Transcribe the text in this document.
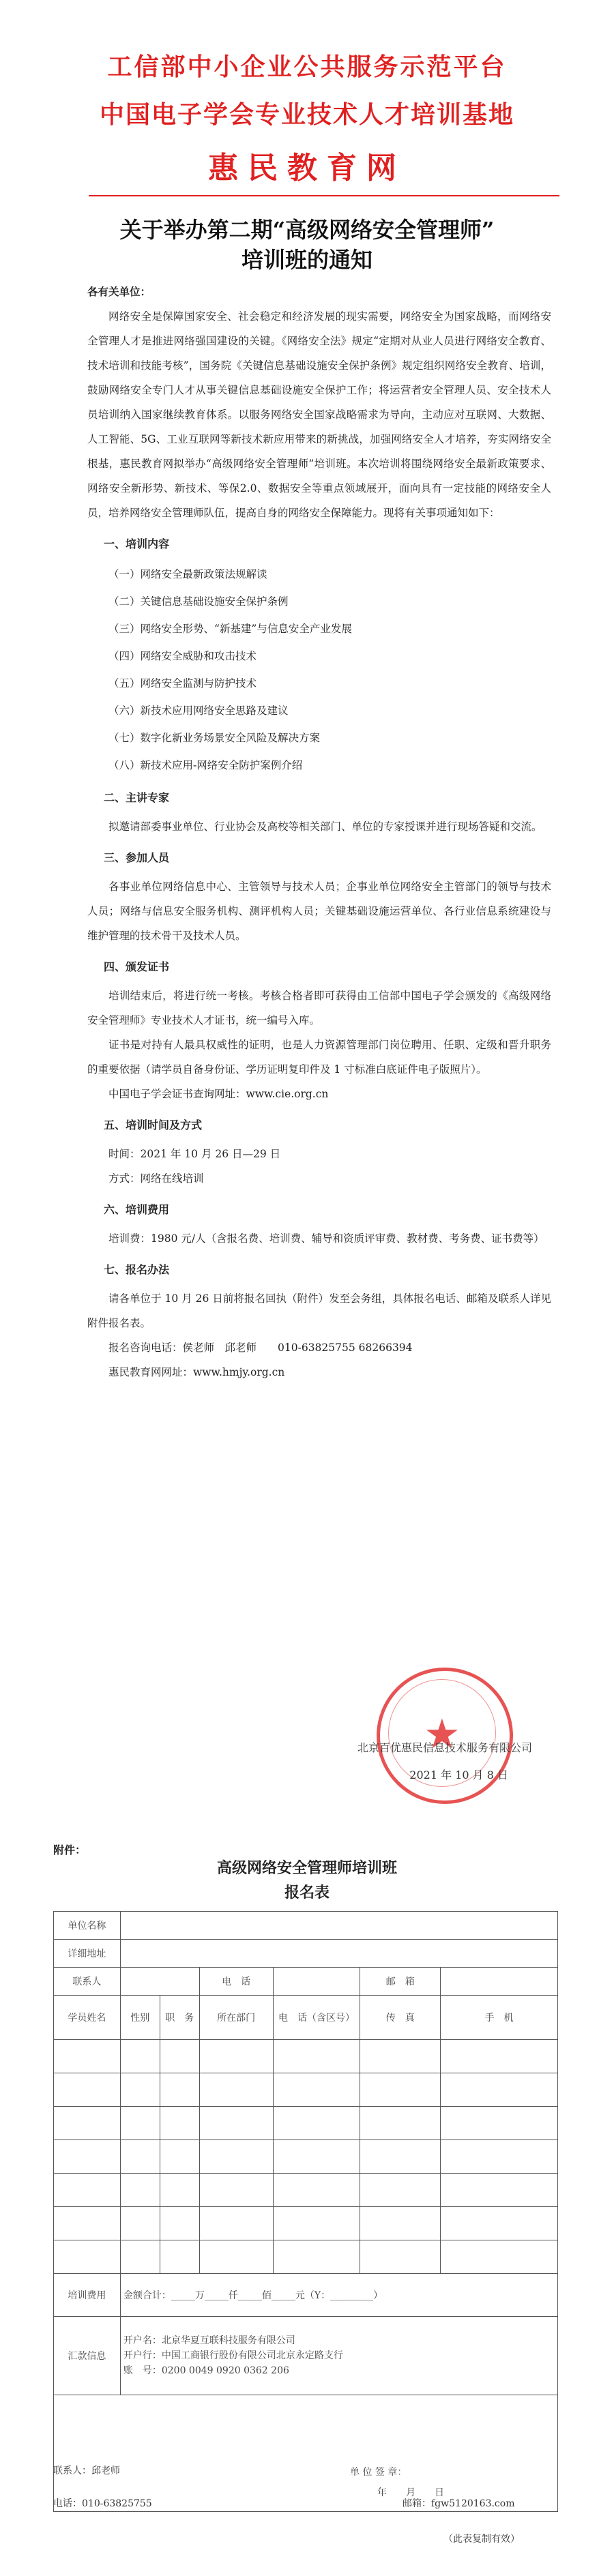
工信部中小企业公共服务示范平台
中国电子学会专业技术人才培训基地
惠民教育网
关于举办第二期“高级网络安全管理师”
培训班的通知

各有关单位：

网络安全是保障国家安全、社会稳定和经济发展的现实需要，网络安全为国家战略，而网络安全管理人才是推进网络强国建设的关键。《网络安全法》规定“定期对从业人员进行网络安全教育、技术培训和技能考核”，国务院《关键信息基础设施安全保护条例》规定组织网络安全教育、培训，鼓励网络安全专门人才从事关键信息基础设施安全保护工作；将运营者安全管理人员、安全技术人员培训纳入国家继续教育体系。以服务网络安全国家战略需求为导向，主动应对互联网、大数据、人工智能、5G、工业互联网等新技术新应用带来的新挑战，加强网络安全人才培养，夯实网络安全根基，惠民教育网拟举办“高级网络安全管理师”培训班。本次培训将围绕网络安全最新政策要求、网络安全新形势、新技术、等保2.0、数据安全等重点领域展开，面向具有一定技能的网络安全人员，培养网络安全管理师队伍，提高自身的网络安全保障能力。现将有关事项通知如下：

一、培训内容
（一）网络安全最新政策法规解读
（二）关键信息基础设施安全保护条例
（三）网络安全形势、“新基建”与信息安全产业发展
（四）网络安全威胁和攻击技术
（五）网络安全监测与防护技术
（六）新技术应用网络安全思路及建议
（七）数字化新业务场景安全风险及解决方案
（八）新技术应用-网络安全防护案例介绍
二、主讲专家

拟邀请部委事业单位、行业协会及高校等相关部门、单位的专家授课并进行现场答疑和交流。

三、参加人员

各事业单位网络信息中心、主管领导与技术人员；企事业单位网络安全主管部门的领导与技术人员；网络与信息安全服务机构、测评机构人员；关键基础设施运营单位、各行业信息系统建设与维护管理的技术骨干及技术人员。

四、颁发证书

培训结束后，将进行统一考核。考核合格者即可获得由工信部中国电子学会颁发的《高级网络安全管理师》专业技术人才证书，统一编号入库。

证书是对持有人最具权威性的证明，也是人力资源管理部门岗位聘用、任职、定级和晋升职务的重要依据（请学员自备身份证、学历证明复印件及 1 寸标准白底证件电子版照片）。

中国电子学会证书查询网址：www.cie.org.cn

五、培训时间及方式

时间：2021 年 10 月 26 日—29 日

方式：网络在线培训

六、培训费用

培训费：1980 元/人（含报名费、培训费、辅导和资质评审费、教材费、考务费、证书费等）

七、报名办法

请各单位于 10 月 26 日前将报名回执（附件）发至会务组，具体报名电话、邮箱及联系人详见附件报名表。

报名咨询电话：侯老师　邱老师　　010-63825755 68266394

惠民教育网网址：www.hmjy.org.cn

★
北京百优惠民信息技术服务有限公司
2021 年 10 月 8 日
附件：
高级网络安全管理师培训班
报名表
单位名称						
详细地址						
联系人			电　话		邮　箱	
学员姓名	性别	职　务	所在部门	电　话（含区号）	传　真	手　机

培训费用	金额合计：_____万_____仟_____佰_____元（Y：_________）					
汇款信息	开户名：北京华夏互联科技服务有限公司
开户行：中国工商银行股份有限公司北京永定路支行
账　号：0200 0049 0920 0362 206					

单 位 签 章：
年　　月　　日						
联系人：邱老师
电话：010-63825755	邮箱：fgw5120163.com
（此表复制有效）
